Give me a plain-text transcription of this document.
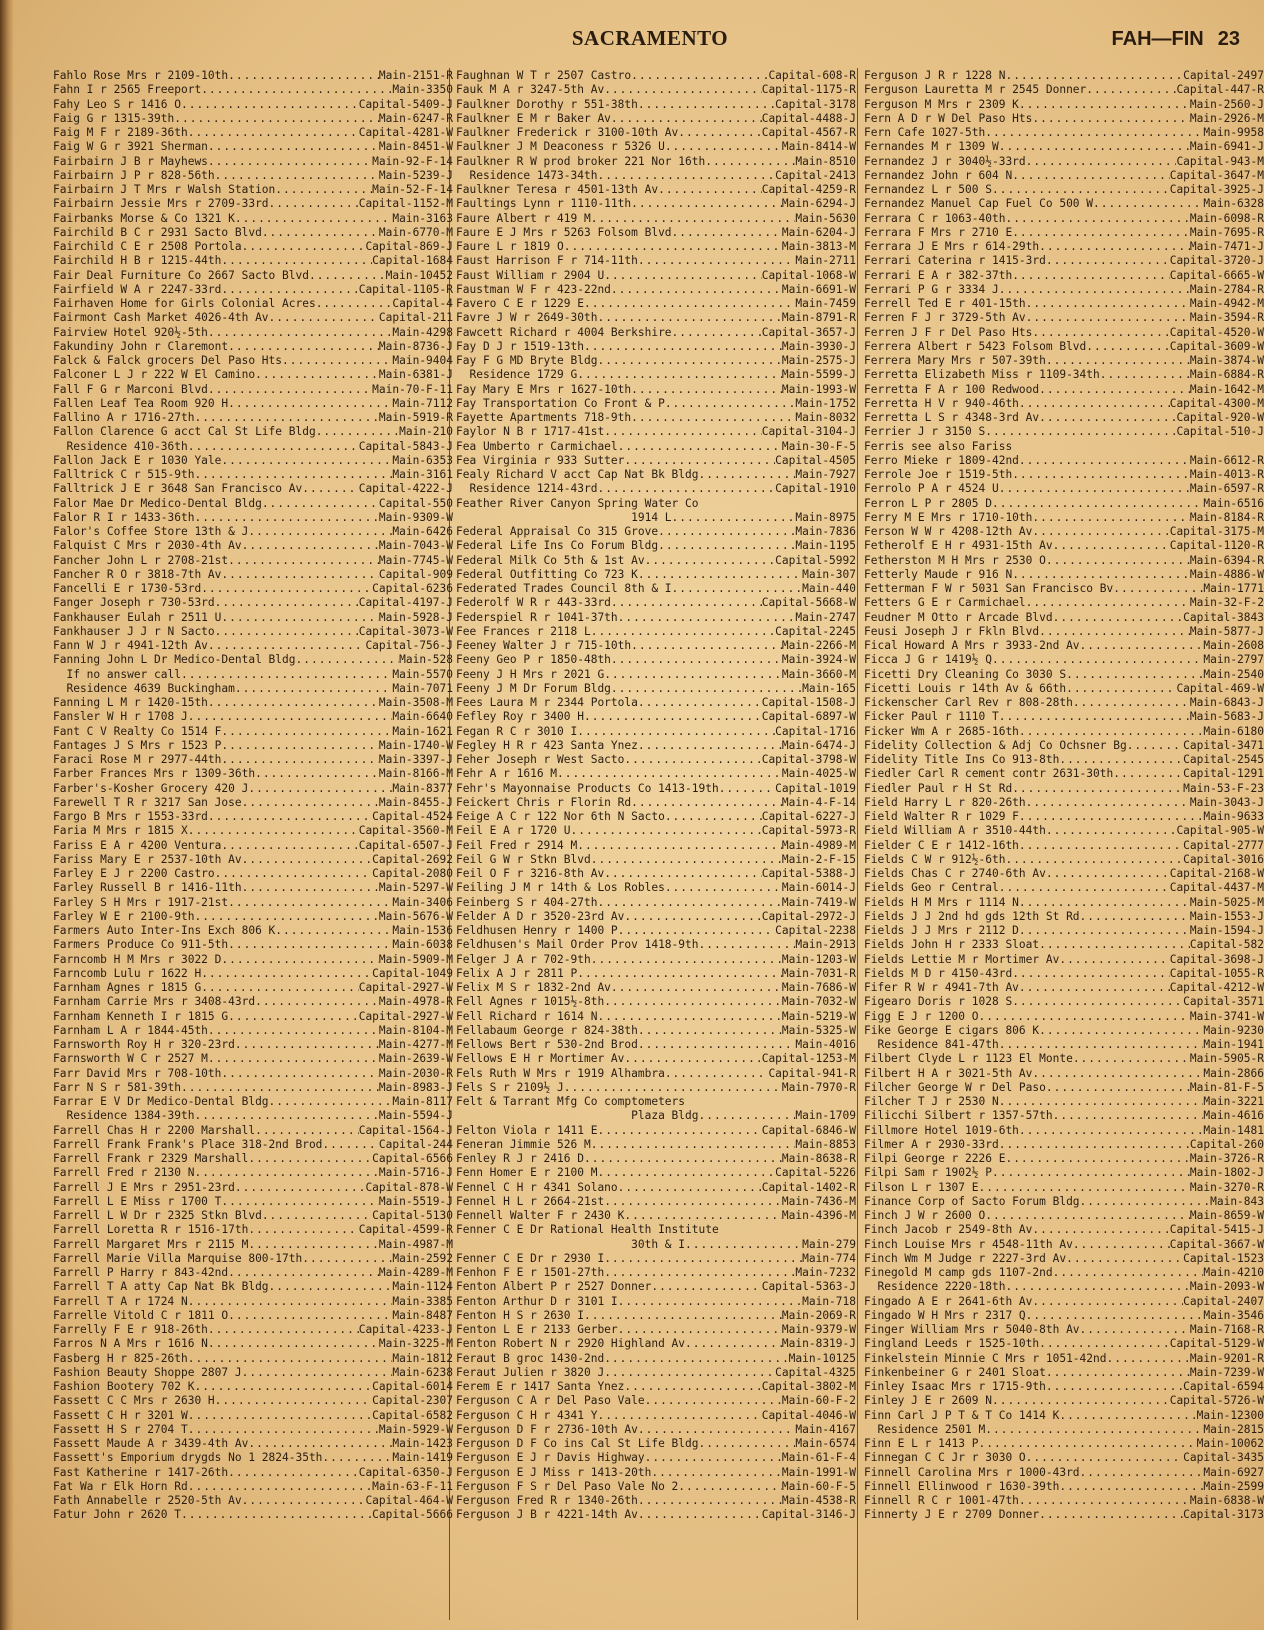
SACRAMENTO	FAH—FIN 23
Fahlo Rose Mrs r 2109-10th .....	Main-2151-R
Fahn I r 2565 Freeport .....	Main-3350
Fahy Leo S r 1416 O .....	Capital-5409-J
Faig G r 1315-39th .....	Main-6247-R
Faig M F r 2189-36th .....	Capital-4281-W
Faig W G r 3921 Sherman .....	Main-8451-W
Fairbairn J B r Mayhews .....	Main-92-F-14
Fairbairn J P r 828-56th .....	Main-5239-J
Fairbairn J T Mrs r Walsh Station .....	Main-52-F-14
Fairbairn Jessie Mrs r 2709-33rd .....	Capital-1152-M
Fairbanks Morse & Co 1321 K .....	Main-3163
Fairchild B C r 2931 Sacto Blvd .....	Main-6770-M
Fairchild C E r 2508 Portola .....	Capital-869-J
Fairchild H B r 1215-44th .....	Capital-1684
Fair Deal Furniture Co 2667 Sacto Blvd .....	Main-10452
Fairfield W A r 2247-33rd .....	Capital-1105-R
Fairhaven Home for Girls Colonial Acres .....	Capital-4
Fairmont Cash Market 4026-4th Av .....	Capital-211
Fairview Hotel 920½-5th .....	Main-4298
Fakundiny John r Claremont .....	Main-8736-J
Falck & Falck grocers Del Paso Hts .....	Main-9404
Falconer L J r 222 W El Camino .....	Main-6381-J
Fall F G r Marconi Blvd .....	Main-70-F-11
Fallen Leaf Tea Room 920 H .....	Main-7112
Fallino A r 1716-27th .....	Main-5919-R
Fallon Clarence G acct Cal St Life Bldg .....	Main-210
Residence 410-36th .....	Capital-5843-J
Fallon Jack E r 1030 Yale .....	Main-6353
Falltrick C r 515-9th .....	Main-3161
Falltrick J E r 3648 San Francisco Av .....	Capital-4222-J
Falor Mae Dr Medico-Dental Bldg .....	Capital-550
Falor R I r 1433-36th .....	Main-9309-W
Falor's Coffee Store 13th & J .....	Main-6426
Falquist C Mrs r 2030-4th Av .....	Main-7043-W
Fancher John L r 2708-21st .....	Main-7745-W
Fancher R O r 3818-7th Av .....	Capital-909
Fancelli E r 1730-53rd .....	Capital-6236
Fanger Joseph r 730-53rd .....	Capital-4197-J
Fankhauser Eulah r 2511 U .....	Main-5928-J
Fankhauser J J r N Sacto .....	Capital-3073-W
Fann W J r 4941-12th Av .....	Capital-756-J
Fanning John L Dr Medico-Dental Bldg .....	Main-528
If no answer call .....	Main-5570
Residence 4639 Buckingham .....	Main-7071
Fanning L M r 1420-15th .....	Main-3508-M
Fansler W H r 1708 J .....	Main-6640
Fant C V Realty Co 1514 F .....	Main-1621
Fantages J S Mrs r 1523 P .....	Main-1740-W
Faraci Rose M r 2977-44th .....	Main-3397-J
Farber Frances Mrs r 1309-36th .....	Main-8166-M
Farber's-Kosher Grocery 420 J .....	Main-8377
Farewell T R r 3217 San Jose .....	Main-8455-J
Fargo B Mrs r 1553-33rd .....	Capital-4524
Faria M Mrs r 1815 X .....	Capital-3560-M
Fariss E A r 4200 Ventura .....	Capital-6507-J
Fariss Mary E r 2537-10th Av .....	Capital-2692
Farley E J r 2200 Castro .....	Capital-2080
Farley Russell B r 1416-11th .....	Main-5297-W
Farley S H Mrs r 1917-21st .....	Main-3406
Farley W E r 2100-9th .....	Main-5676-W
Farmers Auto Inter-Ins Exch 806 K .....	Main-1536
Farmers Produce Co 911-5th .....	Main-6038
Farncomb H M Mrs r 3022 D .....	Main-5909-M
Farncomb Lulu r 1622 H .....	Capital-1049
Farnham Agnes r 1815 G .....	Capital-2927-W
Farnham Carrie Mrs r 3408-43rd .....	Main-4978-R
Farnham Kenneth I r 1815 G .....	Capital-2927-W
Farnham L A r 1844-45th .....	Main-8104-M
Farnsworth Roy H r 320-23rd .....	Main-4277-M
Farnsworth W C r 2527 M .....	Main-2639-W
Farr David Mrs r 708-10th .....	Main-2030-R
Farr N S r 581-39th .....	Main-8983-J
Farrar E V Dr Medico-Dental Bldg .....	Main-8117
Residence 1384-39th .....	Main-5594-J
Farrell Chas H r 2200 Marshall .....	Capital-1564-J
Farrell Frank Frank's Place 318-2nd Brod .....	Capital-244
Farrell Frank r 2329 Marshall .....	Capital-6566
Farrell Fred r 2130 N .....	Main-5716-J
Farrell J E Mrs r 2951-23rd .....	Capital-878-W
Farrell L E Miss r 1700 T .....	Main-5519-J
Farrell L W Dr r 2325 Stkn Blvd .....	Capital-5130
Farrell Loretta R r 1516-17th .....	Capital-4599-R
Farrell Margaret Mrs r 2115 M .....	Main-4987-M
Farrell Marie Villa Marquise 800-17th .....	Main-2592
Farrell P Harry r 843-42nd .....	Main-4289-M
Farrell T A atty Cap Nat Bk Bldg .....	Main-1124
Farrell T A r 1724 N .....	Main-3385
Farrelle Vitold C r 1811 O .....	Main-8487
Farrelly F E r 918-26th .....	Capital-4233-J
Farros N A Mrs r 1616 N .....	Main-3225-M
Fasberg H r 825-26th .....	Main-1812
Fashion Beauty Shoppe 2807 J .....	Main-6238
Fashion Bootery 702 K .....	Capital-6014
Fassett C C Mrs r 2630 H .....	Capital-2307
Fassett C H r 3201 W .....	Capital-6582
Fassett H S r 2704 T .....	Main-5929-W
Fassett Maude A r 3439-4th Av .....	Main-1423
Fassett's Emporium drygds No 1 2824-35th .....	Main-1419
Fast Katherine r 1417-26th .....	Capital-6350-J
Fat Wa r Elk Horn Rd .....	Main-63-F-11
Fath Annabelle r 2520-5th Av .....	Capital-464-W
Fatur John r 2620 T .....	Capital-5666
Faughnan W T r 2507 Castro .....	Capital-608-R
Fauk M A r 3247-5th Av .....	Capital-1175-R
Faulkner Dorothy r 551-38th .....	Capital-3178
Faulkner E M r Baker Av .....	Capital-4488-J
Faulkner Frederick r 3100-10th Av .....	Capital-4567-R
Faulkner J M Deaconess r 5326 U .....	Main-8414-W
Faulkner R W prod broker 221 Nor 16th .....	Main-8510
Residence 1473-34th .....	Capital-2413
Faulkner Teresa r 4501-13th Av .....	Capital-4259-R
Faultings Lynn r 1110-11th .....	Main-6294-J
Faure Albert r 419 M .....	Main-5630
Faure E J Mrs r 5263 Folsom Blvd .....	Main-6204-J
Faure L r 1819 O .....	Main-3813-M
Faust Harrison F r 714-11th .....	Main-2711
Faust William r 2904 U .....	Capital-1068-W
Faustman W F r 423-22nd .....	Main-6691-W
Favero C E r 1229 E .....	Main-7459
Favre J W r 2649-30th .....	Main-8791-R
Fawcett Richard r 4004 Berkshire .....	Capital-3657-J
Fay D J r 1519-13th .....	Main-3930-J
Fay F G MD Bryte Bldg .....	Main-2575-J
Residence 1729 G .....	Main-5599-J
Fay Mary E Mrs r 1627-10th .....	Main-1993-W
Fay Transportation Co Front & P .....	Main-1752
Fayette Apartments 718-9th .....	Main-8032
Faylor N B r 1717-41st .....	Capital-3104-J
Fea Umberto r Carmichael .....	Main-30-F-5
Fea Virginia r 933 Sutter .....	Capital-4505
Fealy Richard V acct Cap Nat Bk Bldg .....	Main-7927
Residence 1214-43rd .....	Capital-1910
Feather River Canyon Spring Water Co
1914 L .....	Main-8975
Federal Appraisal Co 315 Grove .....	Main-7836
Federal Life Ins Co Forum Bldg .....	Main-1195
Federal Milk Co 5th & 1st Av .....	Capital-5992
Federal Outfitting Co 723 K .....	Main-307
Federated Trades Council 8th & I .....	Main-440
Federolf W R r 443-33rd .....	Capital-5668-W
Federspiel R r 1041-37th .....	Main-2747
Fee Frances r 2118 L .....	Capital-2245
Feeney Walter J r 715-10th .....	Main-2266-M
Feeny Geo P r 1850-48th .....	Main-3924-W
Feeny J H Mrs r 2021 G .....	Main-3660-M
Feeny J M Dr Forum Bldg .....	Main-165
Fees Laura M r 2344 Portola .....	Capital-1508-J
Fefley Roy r 3400 H .....	Capital-6897-W
Fegan R C r 3010 I .....	Capital-1716
Fegley H R r 423 Santa Ynez .....	Main-6474-J
Feher Joseph r West Sacto .....	Capital-3798-W
Fehr A r 1616 M .....	Main-4025-W
Fehr's Mayonnaise Products Co 1413-19th .....	Capital-1019
Feickert Chris r Florin Rd .....	Main-4-F-14
Feige A C r 122 Nor 6th N Sacto .....	Capital-6227-J
Feil E A r 1720 U .....	Capital-5973-R
Feil Fred r 2914 M .....	Main-4989-M
Feil G W r Stkn Blvd .....	Main-2-F-15
Feil O F r 3216-8th Av .....	Capital-5388-J
Feiling J M r 14th & Los Robles .....	Main-6014-J
Feinberg S r 404-27th .....	Main-7419-W
Felder A D r 3520-23rd Av .....	Capital-2972-J
Feldhusen Henry r 1400 P .....	Capital-2238
Feldhusen's Mail Order Prov 1418-9th .....	Main-2913
Felger J A r 702-9th .....	Main-1203-W
Felix A J r 2811 P .....	Main-7031-R
Felix M S r 1832-2nd Av .....	Main-7686-W
Fell Agnes r 1015½-8th .....	Main-7032-W
Fell Richard r 1614 N .....	Main-5219-W
Fellabaum George r 824-38th .....	Main-5325-W
Fellows Bert r 530-2nd Brod .....	Main-4016
Fellows E H r Mortimer Av .....	Capital-1253-M
Fels Ruth W Mrs r 1919 Alhambra .....	Capital-941-R
Fels S r 2109½ J .....	Main-7970-R
Felt & Tarrant Mfg Co comptometers
Plaza Bldg .....	Main-1709
Felton Viola r 1411 E .....	Capital-6846-W
Feneran Jimmie 526 M .....	Main-8853
Fenley R J r 2416 D .....	Main-8638-R
Fenn Homer E r 2100 M .....	Capital-5226
Fennel C H r 4341 Solano .....	Capital-1402-R
Fennel H L r 2664-21st .....	Main-7436-M
Fennell Walter F r 2430 K .....	Main-4396-M
Fenner C E Dr Rational Health Institute
30th & I .....	Main-279
Fenner C E Dr r 2930 I .....	Main-774
Fenhon F E r 1501-27th .....	Main-7232
Fenton Albert P r 2527 Donner .....	Capital-5363-J
Fenton Arthur D r 3101 I .....	Main-718
Fenton H S r 2630 I .....	Main-2069-R
Fenton L E r 2133 Gerber .....	Main-9379-W
Fenton Robert N r 2920 Highland Av .....	Main-8319-J
Feraut B groc 1430-2nd .....	Main-10125
Feraut Julien r 3820 J .....	Capital-4325
Ferem E r 1417 Santa Ynez .....	Capital-3802-M
Ferguson C A r Del Paso Vale .....	Main-60-F-2
Ferguson C H r 4341 Y .....	Capital-4046-W
Ferguson D F r 2736-10th Av .....	Main-4167
Ferguson D F Co ins Cal St Life Bldg .....	Main-6574
Ferguson E J r Davis Highway .....	Main-61-F-4
Ferguson E J Miss r 1413-20th .....	Main-1991-W
Ferguson F S r Del Paso Vale No 2 .....	Main-60-F-5
Ferguson Fred R r 1340-26th .....	Main-4538-R
Ferguson J B r 4221-14th Av .....	Capital-3146-J
Ferguson J R r 1228 N .....	Capital-2497
Ferguson Lauretta M r 2545 Donner .....	Capital-447-R
Ferguson M Mrs r 2309 K .....	Main-2560-J
Fern A D r W Del Paso Hts .....	Main-2926-M
Fern Cafe 1027-5th .....	Main-9958
Fernandes M r 1309 W .....	Main-6941-J
Fernandez J r 3040½-33rd .....	Capital-943-M
Fernandez John r 604 N .....	Capital-3647-M
Fernandez L r 500 S .....	Capital-3925-J
Fernandez Manuel Cap Fuel Co 500 W .....	Main-6328
Ferrara C r 1063-40th .....	Main-6098-R
Ferrara F Mrs r 2710 E .....	Main-7695-R
Ferrara J E Mrs r 614-29th .....	Main-7471-J
Ferrari Caterina r 1415-3rd .....	Capital-3720-J
Ferrari E A r 382-37th .....	Capital-6665-W
Ferrari P G r 3334 J .....	Main-2784-R
Ferrell Ted E r 401-15th .....	Main-4942-M
Ferren F J r 3729-5th Av .....	Main-3594-R
Ferren J F r Del Paso Hts .....	Capital-4520-W
Ferrera Albert r 5423 Folsom Blvd .....	Capital-3609-W
Ferrera Mary Mrs r 507-39th .....	Main-3874-W
Ferretta Elizabeth Miss r 1109-34th .....	Main-6884-R
Ferretta F A r 100 Redwood .....	Main-1642-M
Ferretta H V r 940-46th .....	Capital-4300-M
Ferretta L S r 4348-3rd Av .....	Capital-920-W
Ferrier J r 3150 S .....	Capital-510-J
Ferris see also Fariss
Ferro Mieke r 1809-42nd .....	Main-6612-R
Ferrole Joe r 1519-5th .....	Main-4013-R
Ferrolo P A r 4524 U .....	Main-6597-R
Ferron L P r 2805 D .....	Main-6516
Ferry M E Mrs r 1710-10th .....	Main-8184-R
Ferson W W r 4208-12th Av .....	Capital-3175-M
Fetherolf E H r 4931-15th Av .....	Capital-1120-R
Fetherston M H Mrs r 2530 O .....	Main-6394-R
Fetterly Maude r 916 N .....	Main-4886-W
Fetterman F W r 5031 San Francisco Bv .....	Main-1771
Fetters G E r Carmichael .....	Main-32-F-2
Feudner M Otto r Arcade Blvd .....	Capital-3843
Feusi Joseph J r Fkln Blvd .....	Main-5877-J
Fical Howard A Mrs r 3933-2nd Av .....	Main-2608
Ficca J G r 1419½ Q .....	Main-2797
Ficetti Dry Cleaning Co 3030 S .....	Main-2540
Ficetti Louis r 14th Av & 66th .....	Capital-469-W
Fickenscher Carl Rev r 808-28th .....	Main-6843-J
Ficker Paul r 1110 T .....	Main-5683-J
Ficker Wm A r 2685-16th .....	Main-6180
Fidelity Collection & Adj Co Ochsner Bg .....	Capital-3471
Fidelity Title Ins Co 913-8th .....	Capital-2545
Fiedler Carl R cement contr 2631-30th .....	Capital-1291
Fiedler Paul r H St Rd .....	Main-53-F-23
Field Harry L r 820-26th .....	Main-3043-J
Field Walter R r 1029 F .....	Main-9633
Field William A r 3510-44th .....	Capital-905-W
Fielder C E r 1412-16th .....	Capital-2777
Fields C W r 912½-6th .....	Capital-3016
Fields Chas C r 2740-6th Av .....	Capital-2168-W
Fields Geo r Central .....	Capital-4437-M
Fields H M Mrs r 1114 N .....	Main-5025-M
Fields J J 2nd hd gds 12th St Rd .....	Main-1553-J
Fields J J Mrs r 2112 D .....	Main-1594-J
Fields John H r 2333 Sloat .....	Capital-582
Fields Lettie M r Mortimer Av .....	Capital-3698-J
Fields M D r 4150-43rd .....	Capital-1055-R
Fifer R W r 4941-7th Av .....	Capital-4212-W
Figearo Doris r 1028 S .....	Capital-3571
Figg E J r 1200 O .....	Main-3741-W
Fike George E cigars 806 K .....	Main-9230
Residence 841-47th .....	Main-1941
Filbert Clyde L r 1123 El Monte .....	Main-5905-R
Filbert H A r 3021-5th Av .....	Main-2866
Filcher George W r Del Paso .....	Main-81-F-5
Filcher T J r 2530 N .....	Main-3221
Filicchi Silbert r 1357-57th .....	Main-4616
Fillmore Hotel 1019-6th .....	Main-1481
Filmer A r 2930-33rd .....	Capital-260
Filpi George r 2226 E .....	Main-3726-R
Filpi Sam r 1902½ P .....	Main-1802-J
Filson L r 1307 E .....	Main-3270-R
Finance Corp of Sacto Forum Bldg .....	Main-843
Finch J W r 2600 O .....	Main-8659-W
Finch Jacob r 2549-8th Av .....	Capital-5415-J
Finch Louise Mrs r 4548-11th Av .....	Capital-3667-W
Finch Wm M Judge r 2227-3rd Av .....	Capital-1523
Finegold M camp gds 1107-2nd .....	Main-4210
Residence 2220-18th .....	Main-2093-W
Fingado A E r 2641-6th Av .....	Capital-2407
Fingado W H Mrs r 2317 Q .....	Main-3546
Finger William Mrs r 5040-8th Av .....	Main-7168-R
Fingland Leeds r 1525-10th .....	Capital-5129-W
Finkelstein Minnie C Mrs r 1051-42nd .....	Main-9201-R
Finkenbeiner G r 2401 Sloat .....	Main-7239-W
Finley Isaac Mrs r 1715-9th .....	Capital-6594
Finley J E r 2609 N .....	Capital-5726-W
Finn Carl J P T & T Co 1414 K .....	Main-12300
Residence 2501 M .....	Main-2815
Finn E L r 1413 P .....	Main-10062
Finnegan C C Jr r 3030 O .....	Capital-3435
Finnell Carolina Mrs r 1000-43rd .....	Main-6927
Finnell Ellinwood r 1630-39th .....	Main-2599
Finnell R C r 1001-47th .....	Main-6838-W
Finnerty J E r 2709 Donner .....	Capital-3173
